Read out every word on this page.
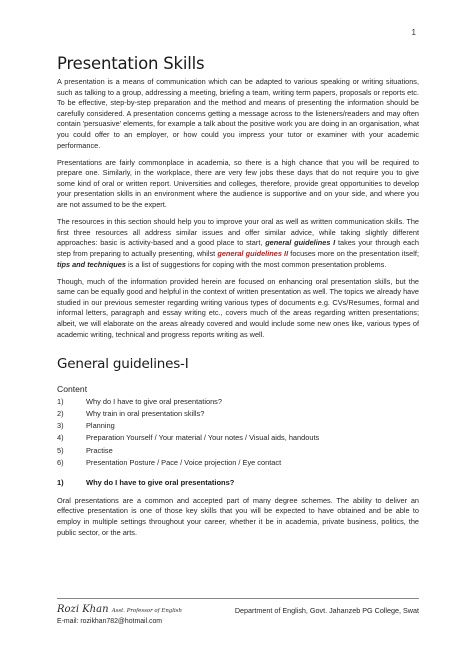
1
Presentation Skills

A presentation is a means of communication which can be adapted to various speaking or writing situations, such as talking to a group, addressing a meeting, briefing a team, writing term papers, proposals or reports etc. To be effective, step-by-step preparation and the method and means of presenting the information should be carefully considered. A presentation concerns getting a message across to the listeners/readers and may often contain 'persuasive' elements, for example a talk about the positive work you are doing in an organisation, what you could offer to an employer, or how could you impress your tutor or examiner with your academic performance.

Presentations are fairly commonplace in academia, so there is a high chance that you will be required to prepare one. Similarly, in the workplace, there are very few jobs these days that do not require you to give some kind of oral or written report. Universities and colleges, therefore, provide great opportunities to develop your presentation skills in an environment where the audience is supportive and on your side, and where you are not assumed to be the expert.

The resources in this section should help you to improve your oral as well as written communication skills. The first three resources all address similar issues and offer similar advice, while taking slightly different approaches: basic is activity-based and a good place to start, general guidelines I takes your through each step from preparing to actually presenting, whilst general guidelines II focuses more on the presentation itself; tips and techniques is a list of suggestions for coping with the most common presentation problems.

Though, much of the information provided herein are focused on enhancing oral presentation skills, but the same can be equally good and helpful in the context of written presentation as well. The topics we already have studied in our previous semester regarding writing various types of documents e.g. CVs/Resumes, formal and informal letters, paragraph and essay writing etc., covers much of the areas regarding written presentations; albeit, we will elaborate on the areas already covered and would include some new ones like, various types of academic writing, technical and progress reports writing as well.

General guidelines-I
Content
1)	Why do I have to give oral presentations?
2)	Why train in oral presentation skills?
3)	Planning
4)	Preparation Yourself / Your material / Your notes / Visual aids, handouts
5)	Practise
6)	Presentation Posture / Pace / Voice projection / Eye contact
1)	Why do I have to give oral presentations?

Oral presentations are a common and accepted part of many degree schemes. The ability to deliver an effective presentation is one of those key skills that you will be expected to have obtained and be able to employ in multiple settings throughout your career, whether it be in academia, private business, politics, the public sector, or the arts.

Rozi Khan Asst. Professor of English	Department of English, Govt. Jahanzeb PG College, Swat
E-mail: rozikhan782@hotmail.com
